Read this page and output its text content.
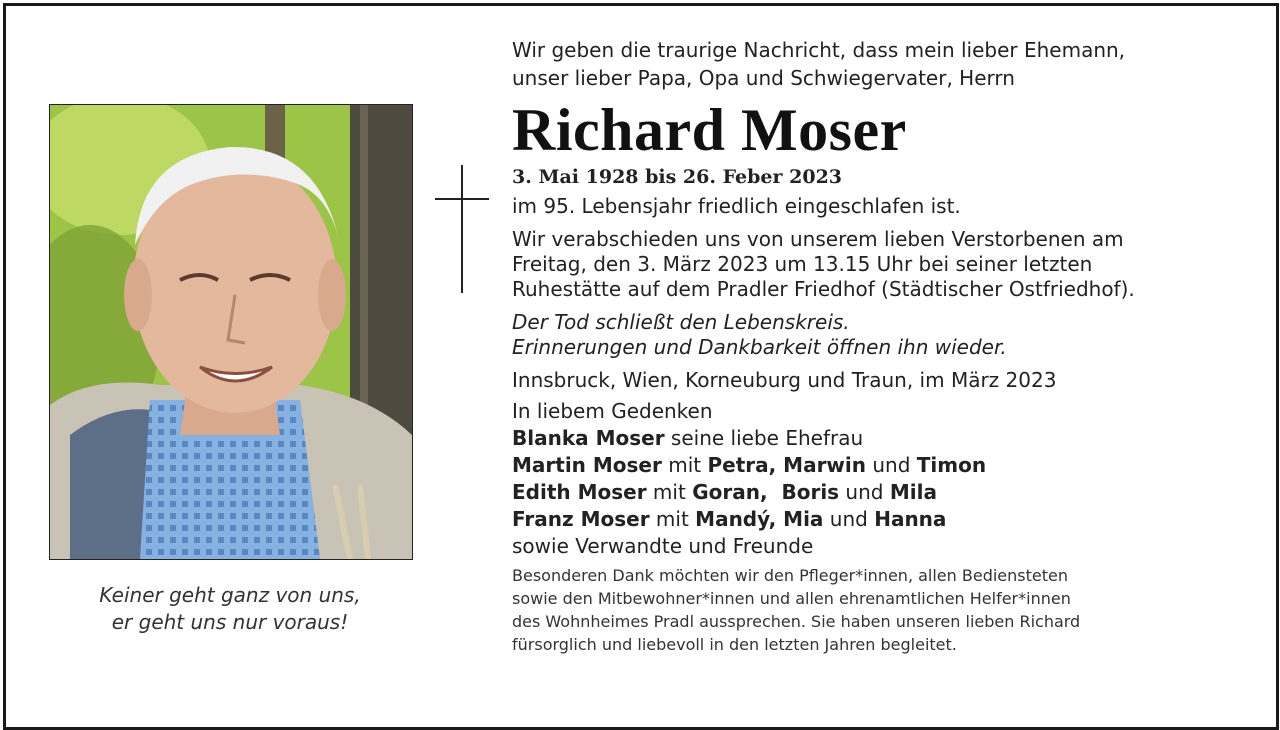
Keiner geht ganz von uns,
er geht uns nur voraus!
Wir geben die traurige Nachricht, dass mein lieber Ehemann,
unser lieber Papa, Opa und Schwiegervater, Herrn
Richard Moser
3. Mai 1928 bis 26. Feber 2023
im 95. Lebensjahr friedlich eingeschlafen ist.
Wir verabschieden uns von unserem lieben Verstorbenen am
Freitag, den 3. März 2023 um 13.15 Uhr bei seiner letzten
Ruhestätte auf dem Pradler Friedhof (Städtischer Ostfriedhof).
Der Tod schließt den Lebenskreis.
Erinnerungen und Dankbarkeit öffnen ihn wieder.
Innsbruck, Wien, Korneuburg und Traun, im März 2023
In liebem Gedenken
Blanka Moser seine liebe Ehefrau
Martin Moser mit Petra, Marwin und Timon
Edith Moser mit Goran,  Boris und Mila
Franz Moser mit Mandý, Mia und Hanna
sowie Verwandte und Freunde
Besonderen Dank möchten wir den Pfleger*innen, allen Bediensteten
sowie den Mitbewohner*innen und allen ehrenamtlichen Helfer*innen
des Wohnheimes Pradl aussprechen. Sie haben unseren lieben Richard
fürsorglich und liebevoll in den letzten Jahren begleitet.
